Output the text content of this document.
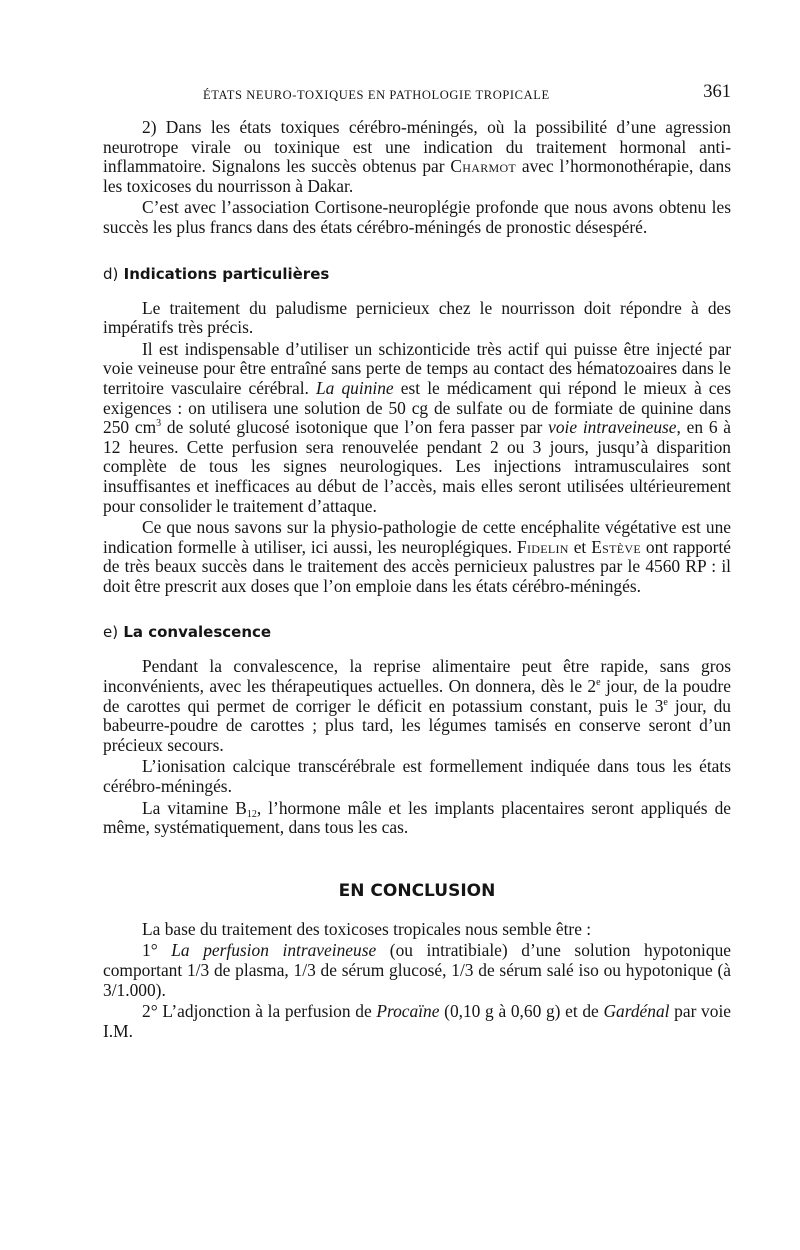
ÉTATS NEURO-TOXIQUES EN PATHOLOGIE TROPICALE	361

2) Dans les états toxiques cérébro-méningés, où la possibilité d’une agression neurotrope virale ou toxinique est une indication du traitement hormonal anti-inflammatoire. Signalons les succès obtenus par Charmot avec l’hormonothérapie, dans les toxicoses du nourrisson à Dakar.

C’est avec l’association Cortisone-neuroplégie profonde que nous avons obtenu les succès les plus francs dans des états cérébro-méningés de pronostic désespéré.

d) Indications particulières

Le traitement du paludisme pernicieux chez le nourrisson doit répondre à des impératifs très précis.

Il est indispensable d’utiliser un schizonticide très actif qui puisse être injecté par voie veineuse pour être entraîné sans perte de temps au contact des hématozoaires dans le territoire vasculaire cérébral. La quinine est le médicament qui répond le mieux à ces exigences : on utilisera une solution de 50 cg de sulfate ou de formiate de quinine dans 250 $cm^3$ de soluté glucosé isotonique que l’on fera passer par voie intraveineuse, en 6 à 12 heures. Cette perfusion sera renouvelée pendant 2 ou 3 jours, jusqu’à disparition complète de tous les signes neurologiques. Les injections intramusculaires sont insuffisantes et inefficaces au début de l’accès, mais elles seront utilisées ultérieurement pour consolider le traitement d’attaque.

Ce que nous savons sur la physio-pathologie de cette encéphalite végétative est une indication formelle à utiliser, ici aussi, les neuroplégiques. Fidelin et Estève ont rapporté de très beaux succès dans le traitement des accès pernicieux palustres par le 4560 RP : il doit être prescrit aux doses que l’on emploie dans les états cérébro-méningés.

e) La convalescence

Pendant la convalescence, la reprise alimentaire peut être rapide, sans gros inconvénients, avec les thérapeutiques actuelles. On donnera, dès le 2e jour, de la poudre de carottes qui permet de corriger le déficit en potassium constant, puis le 3e jour, du babeurre-poudre de carottes ; plus tard, les légumes tamisés en conserve seront d’un précieux secours.

L’ionisation calcique transcérébrale est formellement indiquée dans tous les états cérébro-méningés.

La vitamine $B_{12}$, l’hormone mâle et les implants placentaires seront appliqués de même, systématiquement, dans tous les cas.

EN CONCLUSION

La base du traitement des toxicoses tropicales nous semble être :

1° La perfusion intraveineuse (ou intratibiale) d’une solution hypotonique comportant 1/3 de plasma, 1/3 de sérum glucosé, 1/3 de sérum salé iso ou hypotonique (à 3/1.000).

2° L’adjonction à la perfusion de Procaïne (0,10 g à 0,60 g) et de Gardénal par voie I.M.
